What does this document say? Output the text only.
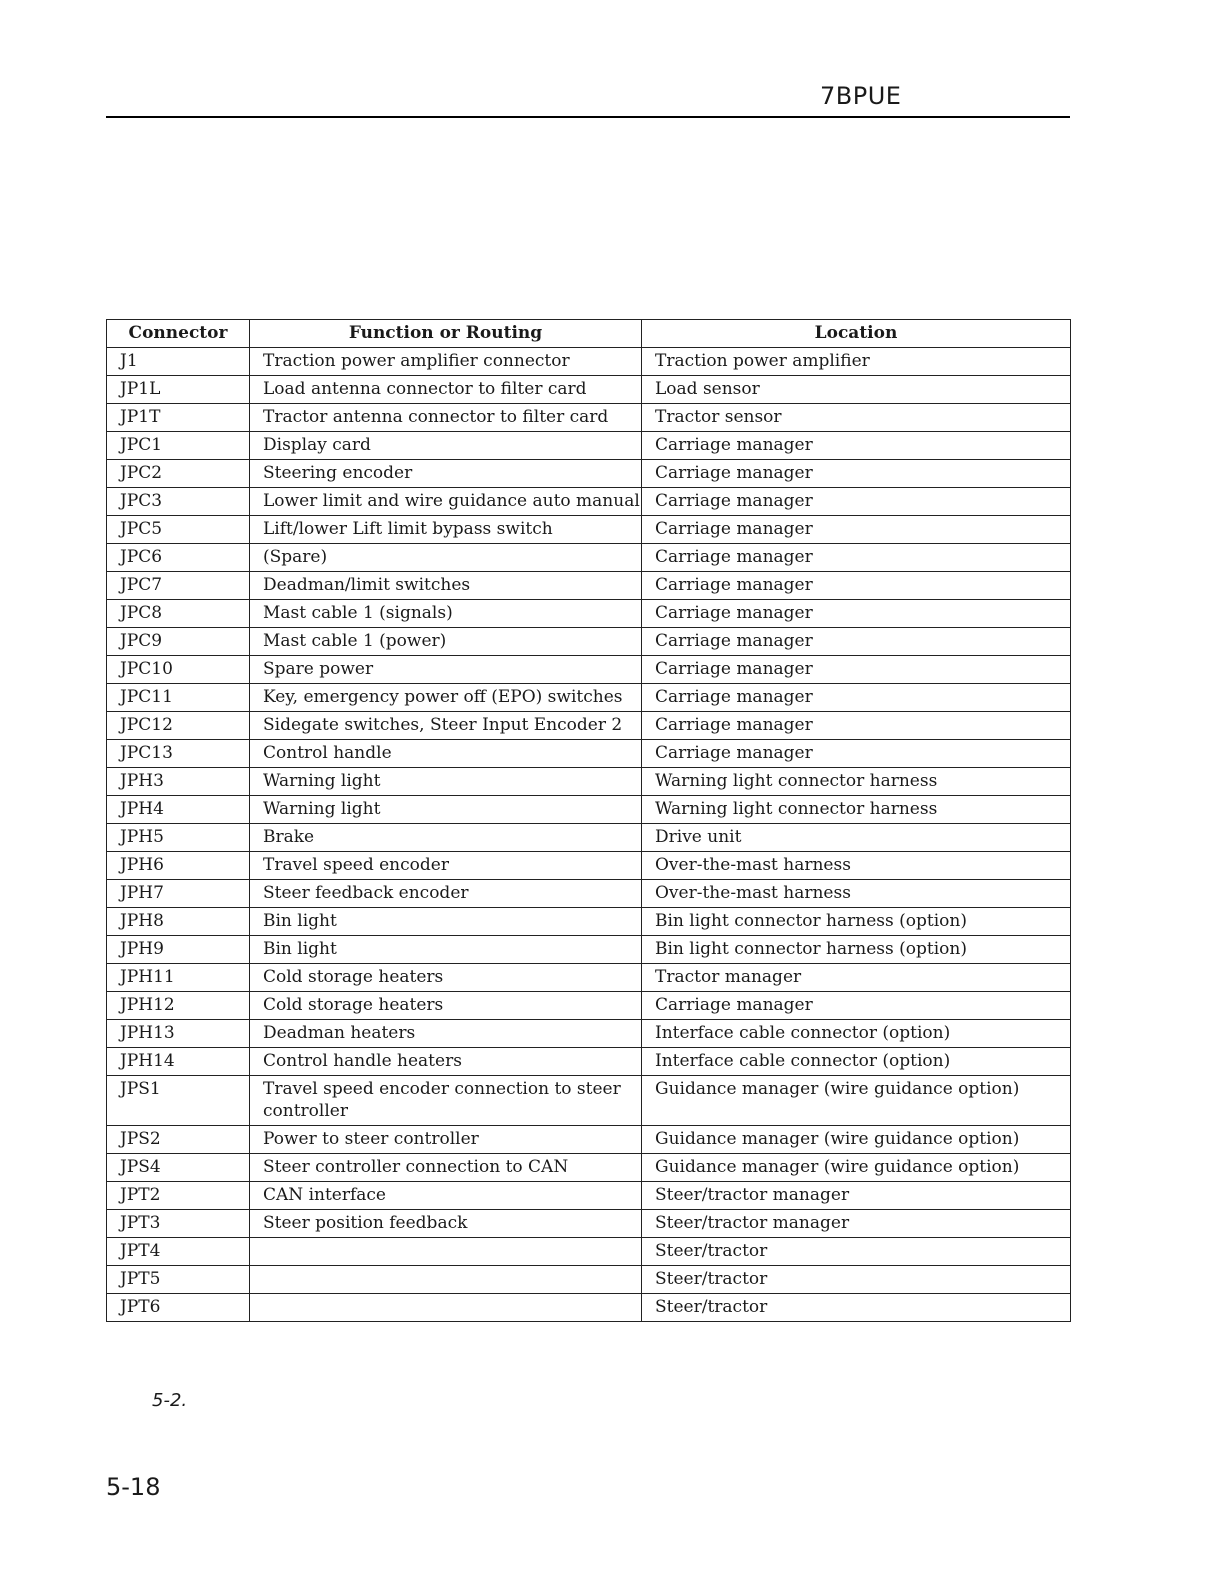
7BPUE
Connector	Function or Routing	Location
J1	Traction power amplifier connector	Traction power amplifier
JP1L	Load antenna connector to filter card	Load sensor
JP1T	Tractor antenna connector to filter card	Tractor sensor
JPC1	Display card	Carriage manager
JPC2	Steering encoder	Carriage manager
JPC3	Lower limit and wire guidance auto manual	Carriage manager
JPC5	Lift/lower Lift limit bypass switch	Carriage manager
JPC6	(Spare)	Carriage manager
JPC7	Deadman/limit switches	Carriage manager
JPC8	Mast cable 1 (signals)	Carriage manager
JPC9	Mast cable 1 (power)	Carriage manager
JPC10	Spare power	Carriage manager
JPC11	Key, emergency power off (EPO) switches	Carriage manager
JPC12	Sidegate switches, Steer Input Encoder 2	Carriage manager
JPC13	Control handle	Carriage manager
JPH3	Warning light	Warning light connector harness
JPH4	Warning light	Warning light connector harness
JPH5	Brake	Drive unit
JPH6	Travel speed encoder	Over-the-mast harness
JPH7	Steer feedback encoder	Over-the-mast harness
JPH8	Bin light	Bin light connector harness (option)
JPH9	Bin light	Bin light connector harness (option)
JPH11	Cold storage heaters	Tractor manager
JPH12	Cold storage heaters	Carriage manager
JPH13	Deadman heaters	Interface cable connector (option)
JPH14	Control handle heaters	Interface cable connector (option)
JPS1	Travel speed encoder connection to steer controller	Guidance manager (wire guidance option)
JPS2	Power to steer controller	Guidance manager (wire guidance option)
JPS4	Steer controller connection to CAN	Guidance manager (wire guidance option)
JPT2	CAN interface	Steer/tractor manager
JPT3	Steer position feedback	Steer/tractor manager
JPT4		Steer/tractor
JPT5		Steer/tractor
JPT6		Steer/tractor
5-2.
5-18
